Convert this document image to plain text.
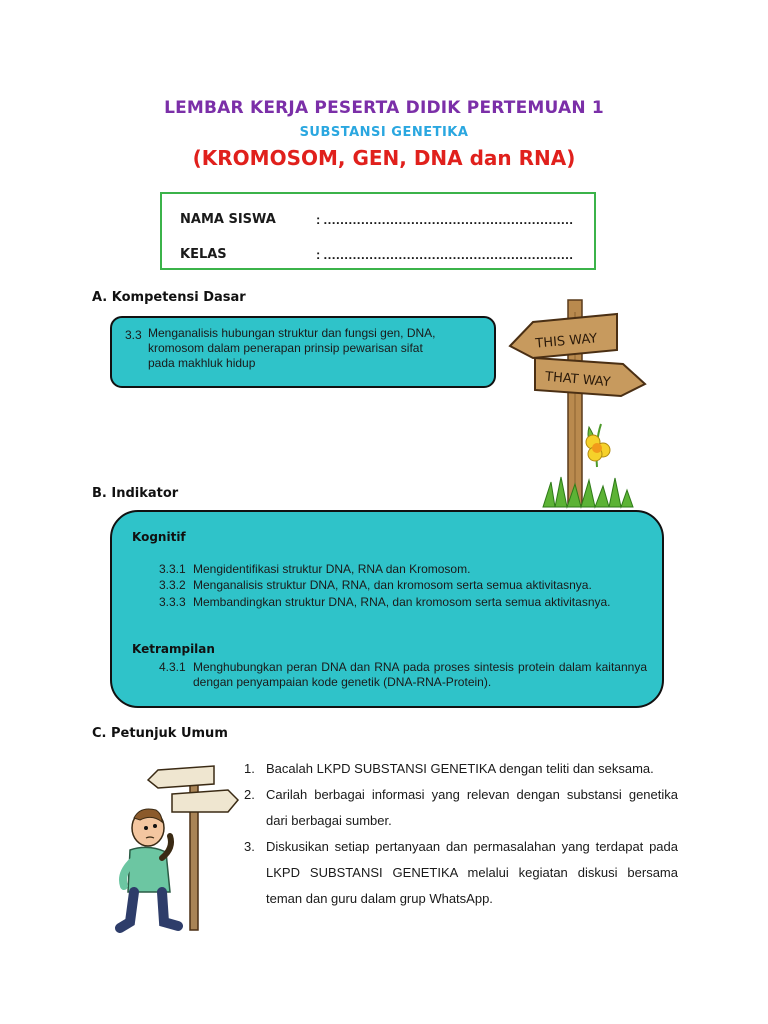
LEMBAR KERJA PESERTA DIDIK PERTEMUAN 1
SUBSTANSI GENETIKA
(KROMOSOM, GEN, DNA dan RNA)
NAMA SISWA	: ……………………………………………………
KELAS	: ……………………………………………………
A. Kompetensi Dasar
3.3 Menganalisis hubungan struktur dan fungsi gen, DNA, kromosom dalam penerapan prinsip pewarisan sifat pada makhluk hidup
THIS WAY
THAT WAY
B. Indikator
Kognitif
3.3.1 Mengidentifikasi struktur DNA, RNA dan Kromosom.
3.3.2 Menganalisis struktur DNA, RNA, dan kromosom serta semua aktivitasnya.
3.3.3 Membandingkan struktur DNA, RNA, dan kromosom serta semua aktivitasnya.
Ketrampilan
4.3.1 Menghubungkan peran DNA dan RNA pada proses sintesis protein dalam kaitannya dengan penyampaian kode genetik (DNA-RNA-Protein).
C. Petunjuk Umum
1. Bacalah LKPD SUBSTANSI GENETIKA dengan teliti dan seksama.
2. Carilah berbagai informasi yang relevan dengan substansi genetika dari berbagai sumber.
3. Diskusikan setiap pertanyaan dan permasalahan yang terdapat pada LKPD SUBSTANSI GENETIKA melalui kegiatan diskusi bersama teman dan guru dalam grup WhatsApp.
